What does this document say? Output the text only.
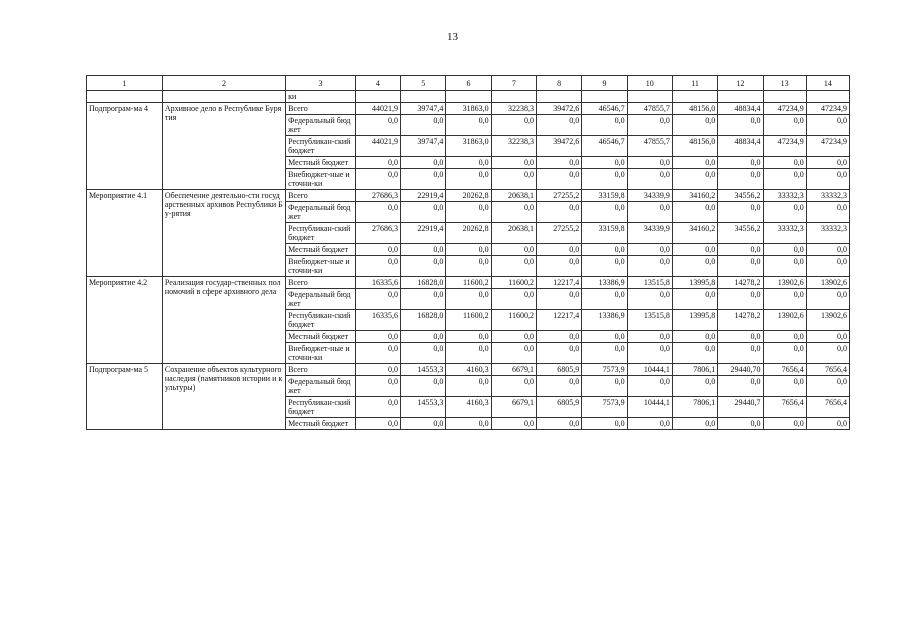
13
1	2	3	4	5	6	7	8	9	10	11	12	13	14
		ки											
Подпрограм-ма 4	Архивное дело в Республике Бурятия	Всего	44021,9	39747,4	31863,0	32238,3	39472,6	46546,7	47855,7	48156,0	48834,4	47234,9	47234,9
		Федеральный бюджет	0,0	0,0	0,0	0,0	0,0	0,0	0,0	0,0	0,0	0,0	0,0
		Республикан-ский бюджет	44021,9	39747,4	31863,0	32238,3	39472,6	46546,7	47855,7	48156,0	48834,4	47234,9	47234,9
		Местный бюджет	0,0	0,0	0,0	0,0	0,0	0,0	0,0	0,0	0,0	0,0	0,0
		Внебюджет-ные источни-ки	0,0	0,0	0,0	0,0	0,0	0,0	0,0	0,0	0,0	0,0	0,0
Мероприятие 4.1	Обеспечение деятельно-сти государственных архивов Республики Бу-рятия	Всего	27686,3	22919,4	20262,8	20638,1	27255,2	33159,8	34339,9	34160,2	34556,2	33332,3	33332,3
		Федеральный бюджет	0,0	0,0	0,0	0,0	0,0	0,0	0,0	0,0	0,0	0,0	0,0
		Республикан-ский бюджет	27686,3	22919,4	20262,8	20638,1	27255,2	33159,8	34339,9	34160,2	34556,2	33332,3	33332,3
		Местный бюджет	0,0	0,0	0,0	0,0	0,0	0,0	0,0	0,0	0,0	0,0	0,0
		Внебюджет-ные источни-ки	0,0	0,0	0,0	0,0	0,0	0,0	0,0	0,0	0,0	0,0	0,0
Мероприятие 4.2	Реализация государ-ственных полномочий в сфере архивного дела	Всего	16335,6	16828,0	11600,2	11600,2	12217,4	13386,9	13515,8	13995,8	14278,2	13902,6	13902,6
		Федеральный бюджет	0,0	0,0	0,0	0,0	0,0	0,0	0,0	0,0	0,0	0,0	0,0
		Республикан-ский бюджет	16335,6	16828,0	11600,2	11600,2	12217,4	13386,9	13515,8	13995,8	14278,2	13902,6	13902,6
		Местный бюджет	0,0	0,0	0,0	0,0	0,0	0,0	0,0	0,0	0,0	0,0	0,0
		Внебюджет-ные источни-ки	0,0	0,0	0,0	0,0	0,0	0,0	0,0	0,0	0,0	0,0	0,0
Подпрограм-ма 5	Сохранение объектов культурного наследия (памятников истории и культуры)	Всего	0,0	14553,3	4160,3	6679,1	6805,9	7573,9	10444,1	7806,1	29440,70	7656,4	7656,4
		Федеральный бюджет	0,0	0,0	0,0	0,0	0,0	0,0	0,0	0,0	0,0	0,0	0,0
		Республикан-ский бюджет	0,0	14553,3	4160,3	6679,1	6805,9	7573,9	10444,1	7806,1	29440,7	7656,4	7656,4
		Местный бюджет	0,0	0,0	0,0	0,0	0,0	0,0	0,0	0,0	0,0	0,0	0,0
